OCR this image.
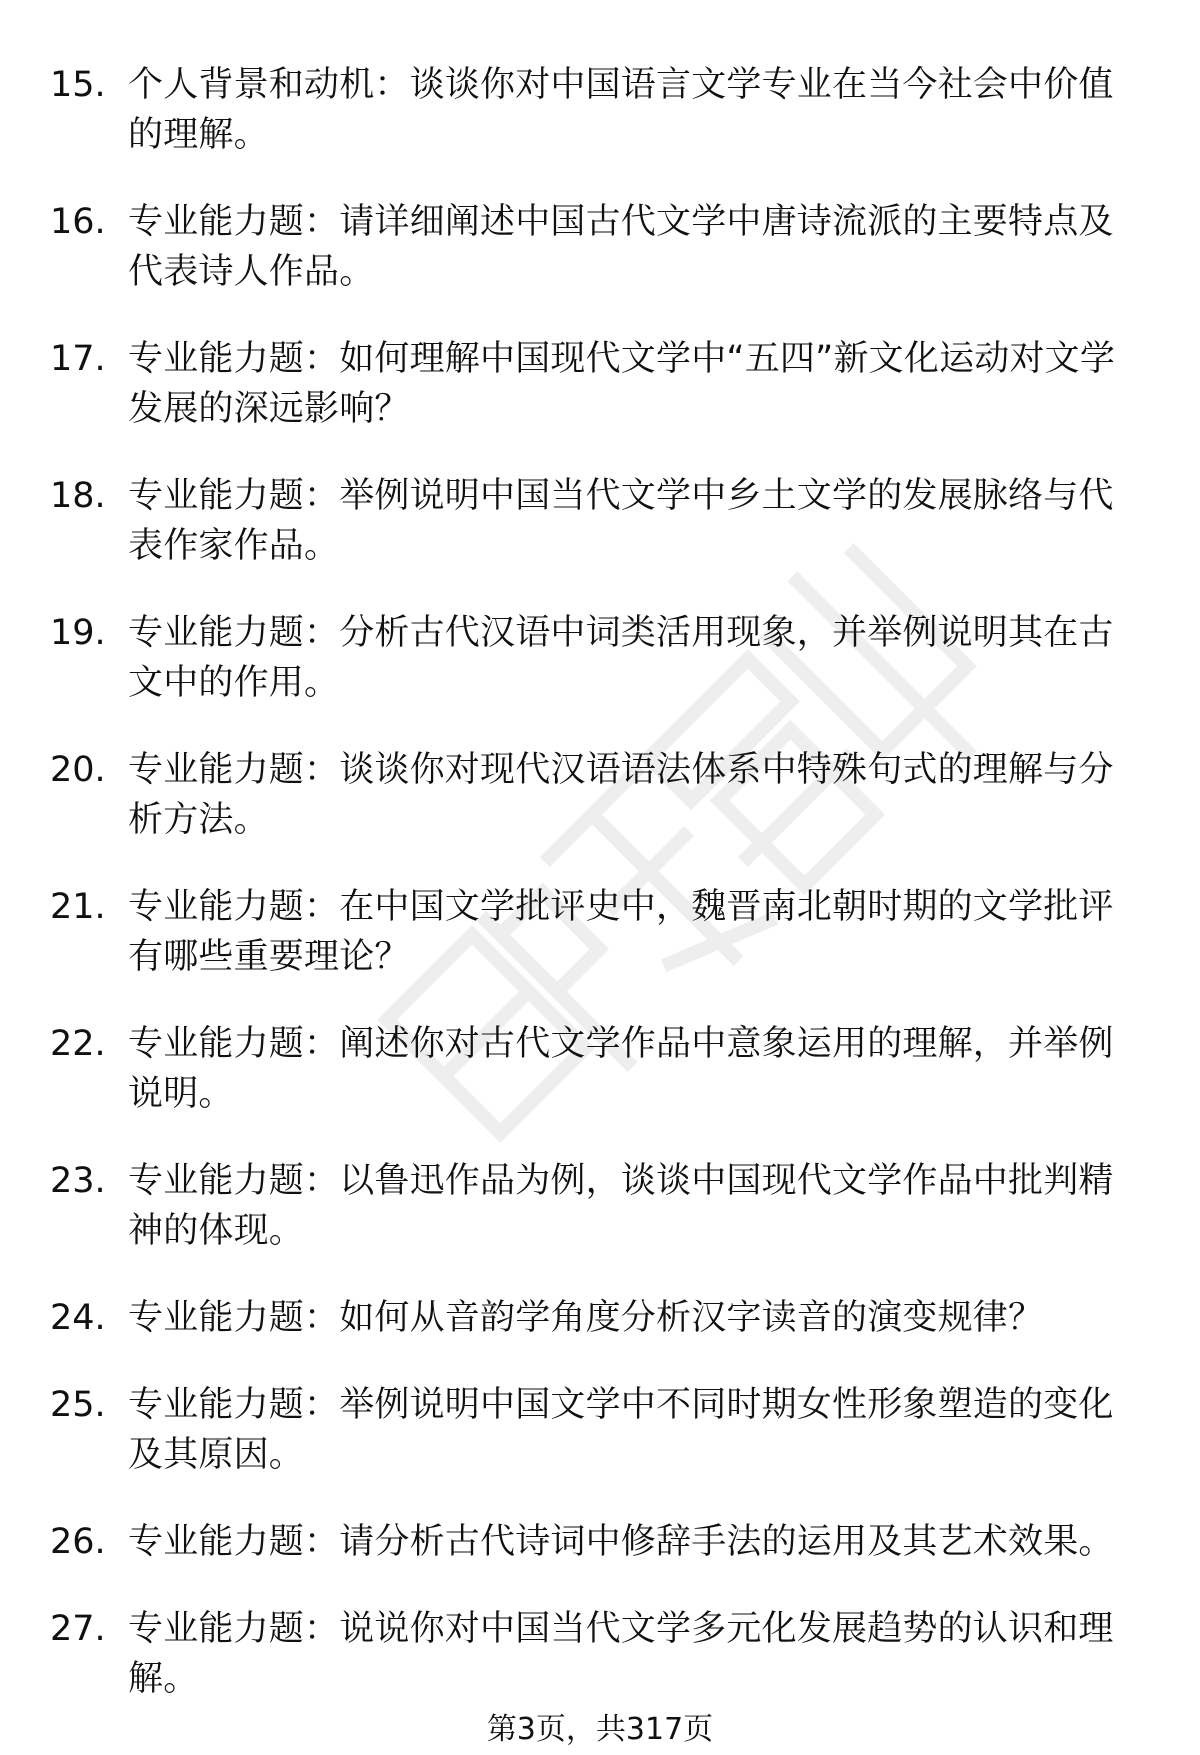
15. 个人背景和动机：谈谈你对中国语言文学专业在当今社会中价值的理解。
16. 专业能力题：请详细阐述中国古代文学中唐诗流派的主要特点及代表诗人作品。
17. 专业能力题：如何理解中国现代文学中“五四”新文化运动对文学发展的深远影响？
18. 专业能力题：举例说明中国当代文学中乡土文学的发展脉络与代表作家作品。
19. 专业能力题：分析古代汉语中词类活用现象，并举例说明其在古文中的作用。
20. 专业能力题：谈谈你对现代汉语语法体系中特殊句式的理解与分析方法。
21. 专业能力题：在中国文学批评史中，魏晋南北朝时期的文学批评有哪些重要理论？
22. 专业能力题：阐述你对古代文学作品中意象运用的理解，并举例说明。
23. 专业能力题：以鲁迅作品为例，谈谈中国现代文学作品中批判精神的体现。
24. 专业能力题：如何从音韵学角度分析汉字读音的演变规律？
25. 专业能力题：举例说明中国文学中不同时期女性形象塑造的变化及其原因。
26. 专业能力题：请分析古代诗词中修辞手法的运用及其艺术效果。
27. 专业能力题：说说你对中国当代文学多元化发展趋势的认识和理解。
第3页，共317页
